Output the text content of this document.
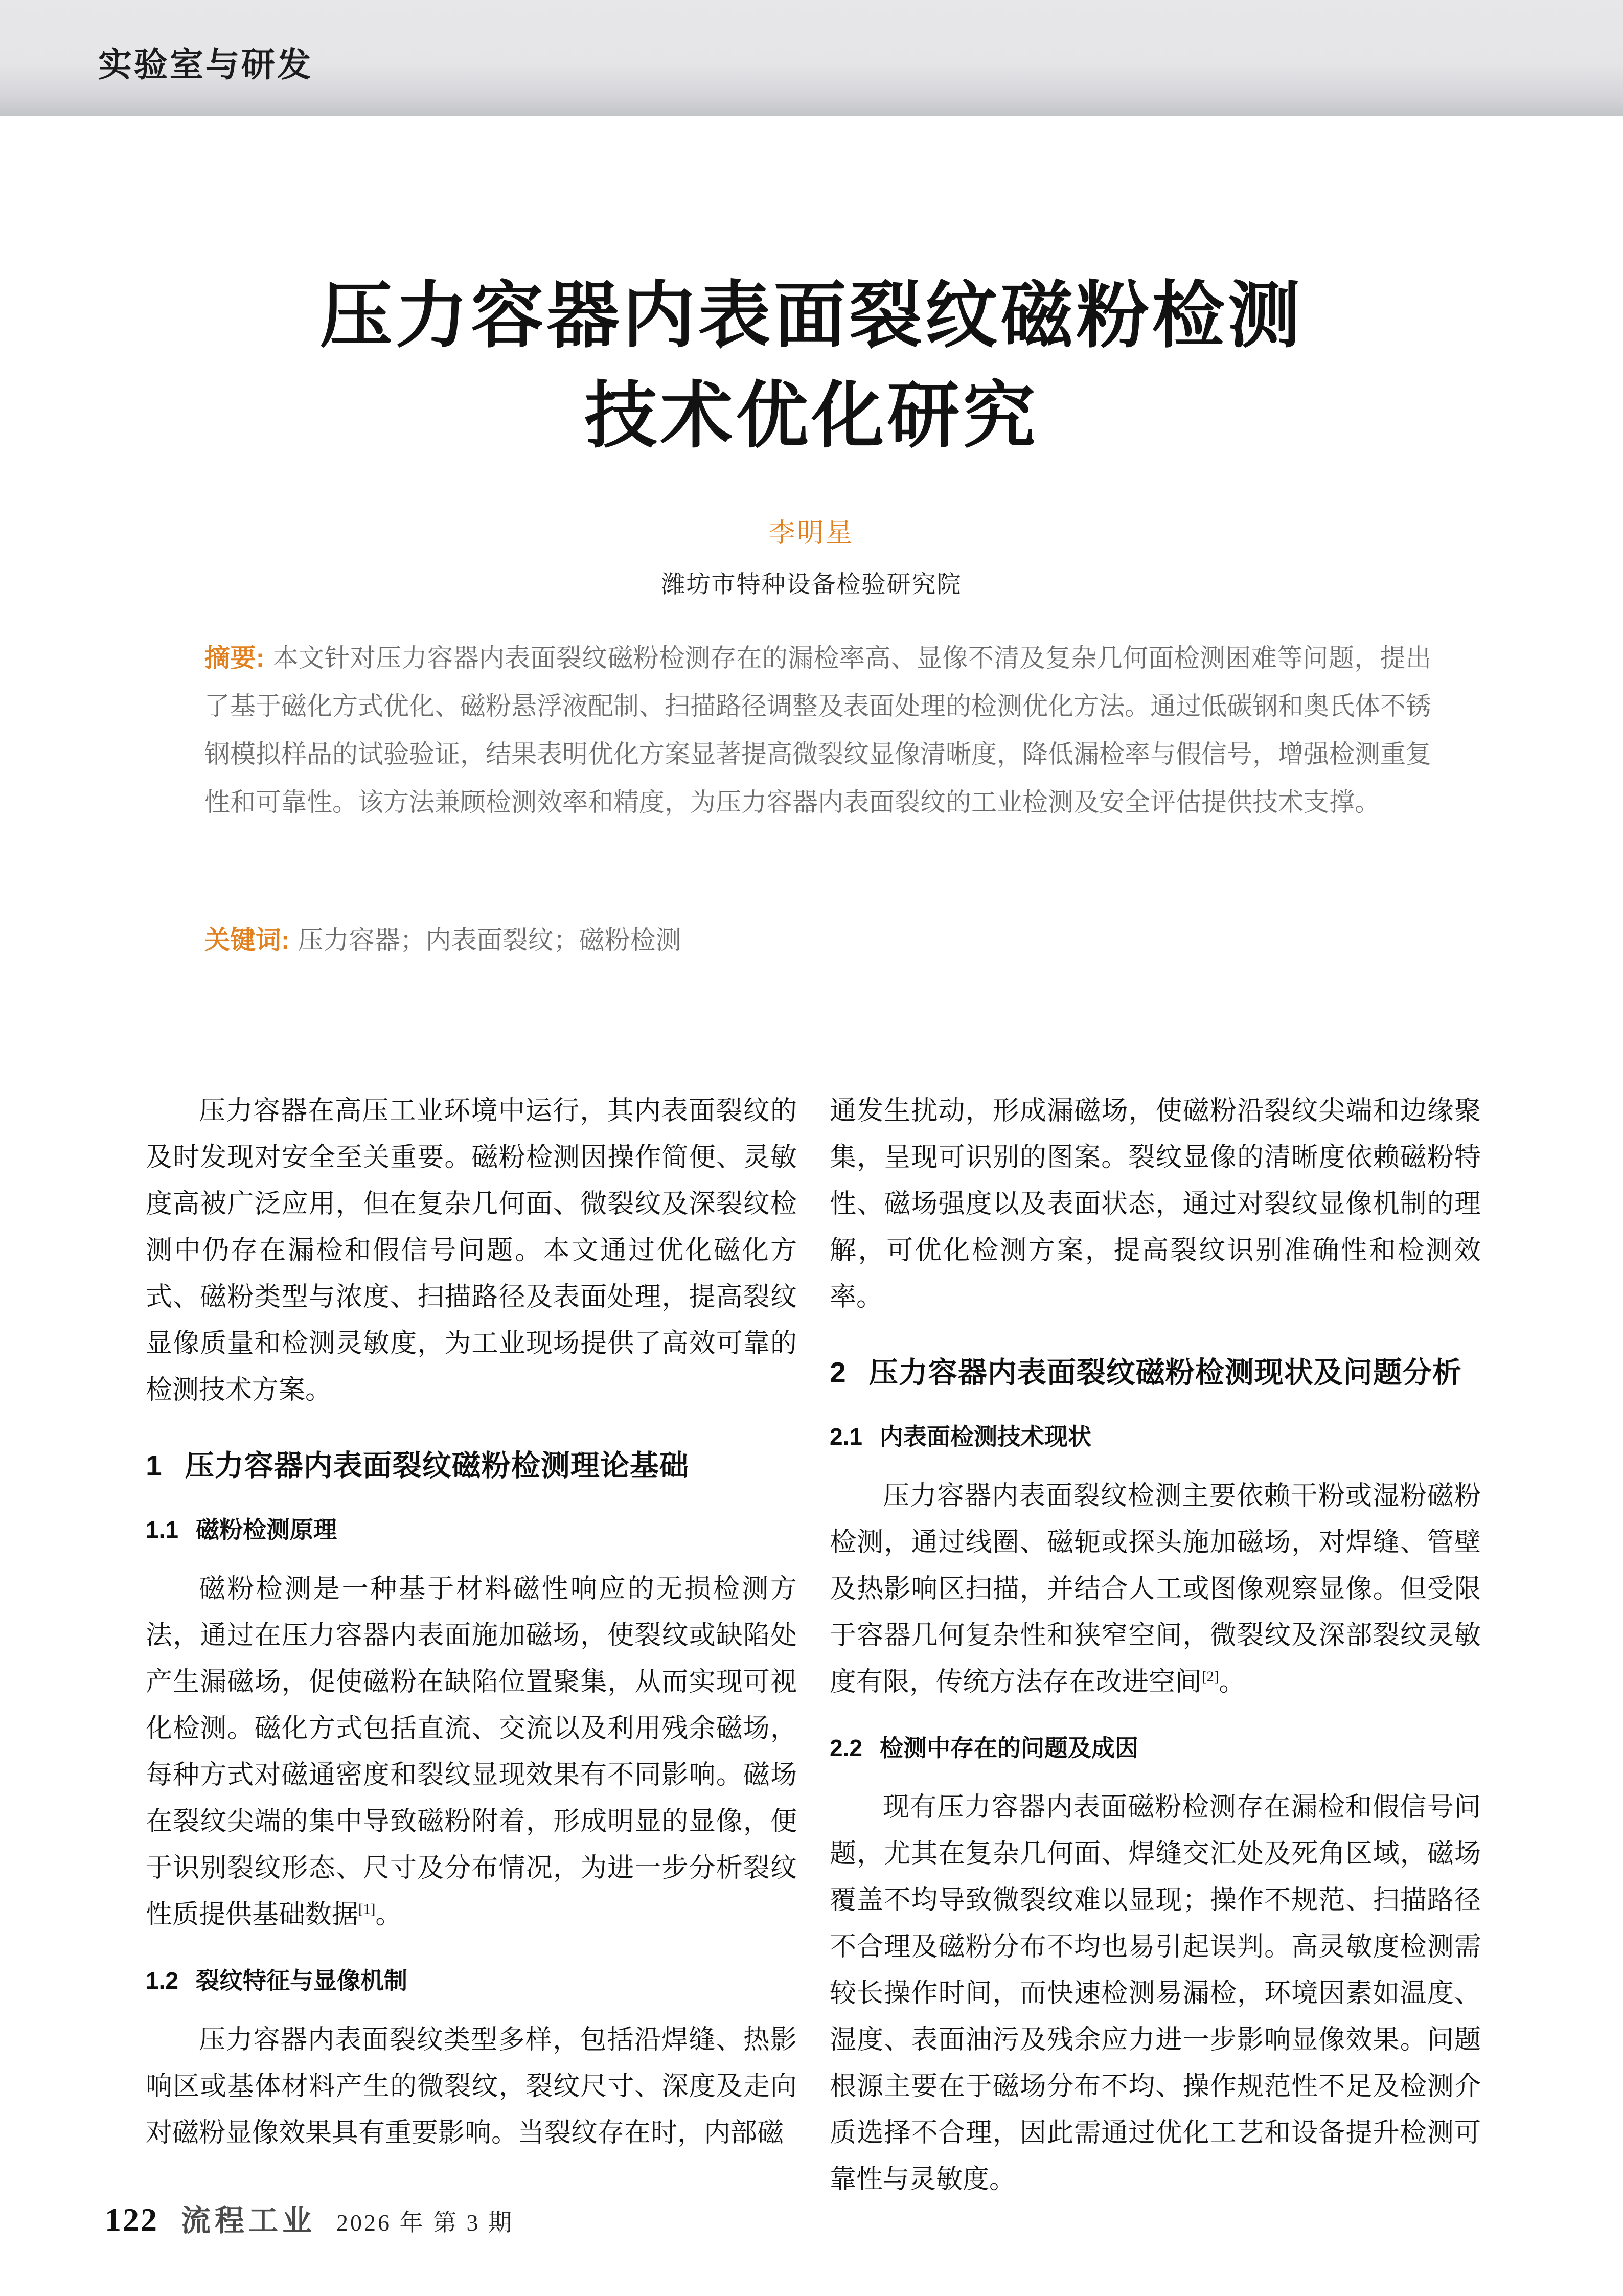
实验室与研发
压力容器内表面裂纹磁粉检测
技术优化研究
李明星
潍坊市特种设备检验研究院

摘要: 本文针对压力容器内表面裂纹磁粉检测存在的漏检率高、显像不清及复杂几何面检测困难等问题，提出了基于磁化方式优化、磁粉悬浮液配制、扫描路径调整及表面处理的检测优化方法。通过低碳钢和奥氏体不锈钢模拟样品的试验验证，结果表明优化方案显著提高微裂纹显像清晰度，降低漏检率与假信号，增强检测重复性和可靠性。该方法兼顾检测效率和精度，为压力容器内表面裂纹的工业检测及安全评估提供技术支撑。

关键词: 压力容器；内表面裂纹；磁粉检测

压力容器在高压工业环境中运行，其内表面裂纹的及时发现对安全至关重要。磁粉检测因操作简便、灵敏度高被广泛应用，但在复杂几何面、微裂纹及深裂纹检测中仍存在漏检和假信号问题。本文通过优化磁化方式、磁粉类型与浓度、扫描路径及表面处理，提高裂纹显像质量和检测灵敏度，为工业现场提供了高效可靠的检测技术方案。

1 压力容器内表面裂纹磁粉检测理论基础
1.1 磁粉检测原理

磁粉检测是一种基于材料磁性响应的无损检测方法，通过在压力容器内表面施加磁场，使裂纹或缺陷处产生漏磁场，促使磁粉在缺陷位置聚集，从而实现可视化检测。磁化方式包括直流、交流以及利用残余磁场，每种方式对磁通密度和裂纹显现效果有不同影响。磁场在裂纹尖端的集中导致磁粉附着，形成明显的显像，便于识别裂纹形态、尺寸及分布情况，为进一步分析裂纹性质提供基础数据[1]。

1.2 裂纹特征与显像机制

压力容器内表面裂纹类型多样，包括沿焊缝、热影响区或基体材料产生的微裂纹，裂纹尺寸、深度及走向对磁粉显像效果具有重要影响。当裂纹存在时，内部磁

通发生扰动，形成漏磁场，使磁粉沿裂纹尖端和边缘聚集，呈现可识别的图案。裂纹显像的清晰度依赖磁粉特性、磁场强度以及表面状态，通过对裂纹显像机制的理解，可优化检测方案，提高裂纹识别准确性和检测效率。

2 压力容器内表面裂纹磁粉检测现状及问题分析
2.1 内表面检测技术现状

压力容器内表面裂纹检测主要依赖干粉或湿粉磁粉检测，通过线圈、磁轭或探头施加磁场，对焊缝、管壁及热影响区扫描，并结合人工或图像观察显像。但受限于容器几何复杂性和狭窄空间，微裂纹及深部裂纹灵敏度有限，传统方法存在改进空间[2]。

2.2 检测中存在的问题及成因

现有压力容器内表面磁粉检测存在漏检和假信号问题，尤其在复杂几何面、焊缝交汇处及死角区域，磁场覆盖不均导致微裂纹难以显现；操作不规范、扫描路径不合理及磁粉分布不均也易引起误判。高灵敏度检测需较长操作时间，而快速检测易漏检，环境因素如温度、湿度、表面油污及残余应力进一步影响显像效果。问题根源主要在于磁场分布不均、操作规范性不足及检测介质选择不合理，因此需通过优化工艺和设备提升检测可靠性与灵敏度。

122 流程工业 2026 年 第 3 期
